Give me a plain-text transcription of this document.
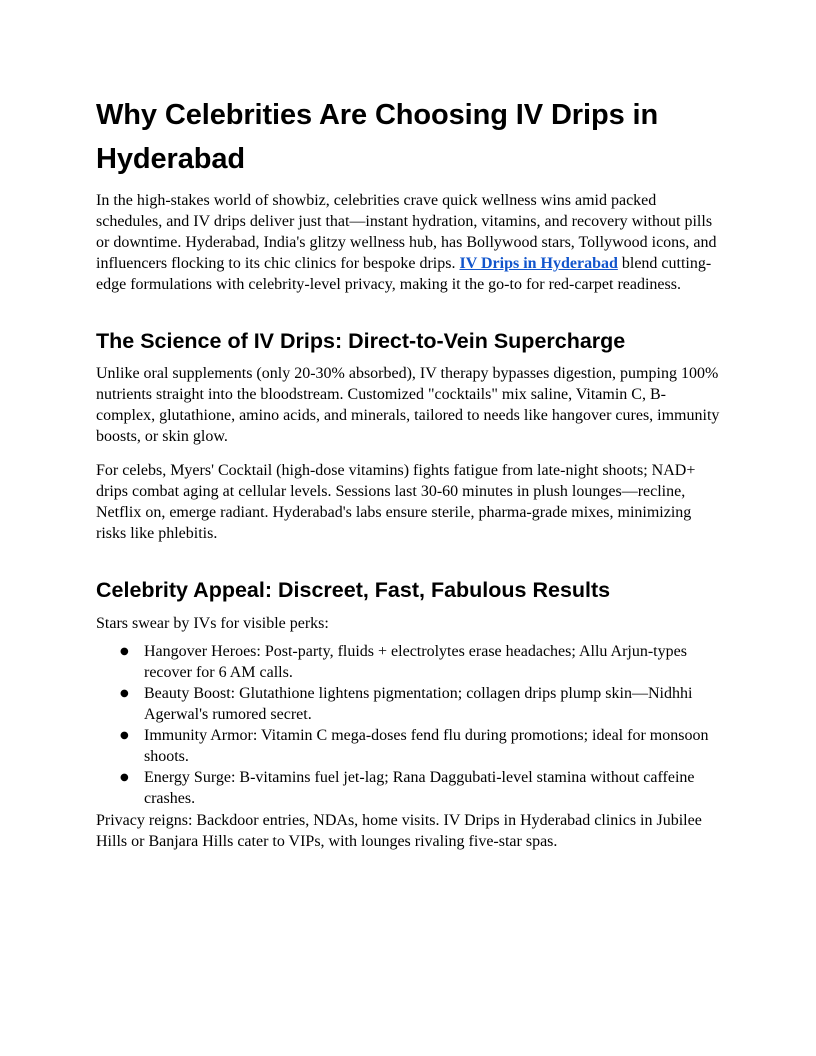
Why Celebrities Are Choosing IV Drips in Hyderabad

In the high-stakes world of showbiz, celebrities crave quick wellness wins amid packed schedules, and IV drips deliver just that—instant hydration, vitamins, and recovery without pills or downtime. Hyderabad, India's glitzy wellness hub, has Bollywood stars, Tollywood icons, and influencers flocking to its chic clinics for bespoke drips. IV Drips in Hyderabad blend cutting-edge formulations with celebrity-level privacy, making it the go-to for red-carpet readiness.

The Science of IV Drips: Direct-to-Vein Supercharge

Unlike oral supplements (only 20-30% absorbed), IV therapy bypasses digestion, pumping 100% nutrients straight into the bloodstream. Customized "cocktails" mix saline, Vitamin C, B-complex, glutathione, amino acids, and minerals, tailored to needs like hangover cures, immunity boosts, or skin glow.

For celebs, Myers' Cocktail (high-dose vitamins) fights fatigue from late-night shoots; NAD+ drips combat aging at cellular levels. Sessions last 30-60 minutes in plush lounges—recline, Netflix on, emerge radiant. Hyderabad's labs ensure sterile, pharma-grade mixes, minimizing risks like phlebitis.

Celebrity Appeal: Discreet, Fast, Fabulous Results

Stars swear by IVs for visible perks:

● Hangover Heroes: Post-party, fluids + electrolytes erase headaches; Allu Arjun-types recover for 6 AM calls.
● Beauty Boost: Glutathione lightens pigmentation; collagen drips plump skin—Nidhhi Agerwal's rumored secret.
● Immunity Armor: Vitamin C mega-doses fend flu during promotions; ideal for monsoon shoots.
● Energy Surge: B-vitamins fuel jet-lag; Rana Daggubati-level stamina without caffeine crashes.

Privacy reigns: Backdoor entries, NDAs, home visits. IV Drips in Hyderabad clinics in Jubilee Hills or Banjara Hills cater to VIPs, with lounges rivaling five-star spas.
